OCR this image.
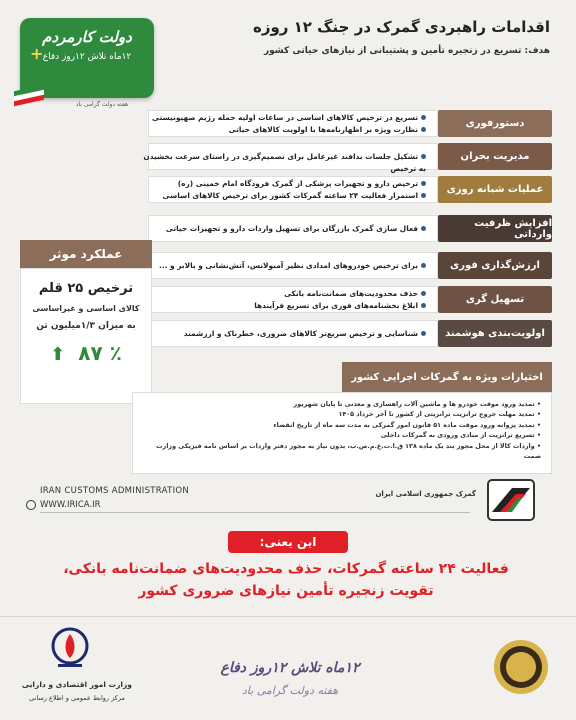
دولت کارمردم
۱۲ماه تلاش ۱۲روز دفاع
+
هفته دولت گرامی باد
اقدامات راهبردی گمرک در جنگ ۱۲ روزه
هدف: تسریع در زنجیره تأمین و پشتیبانی از نیازهای حیاتی کشور
دستورفوری
تسریع در ترخیص کالاهای اساسی در ساعات اولیه حمله رژیم صهیونیستی
نظارت ویژه بر اظهارنامه‌ها با اولویت کالاهای حیاتی
مدیریت بحران
تشکیل جلسات بدافند غیرعامل برای تصمیم‌گیری در راستای سرعت بخشیدن به ترخیص
عملیات شبانه روزی
ترخیص دارو و تجهیزات پزشکی از گمرک فرودگاه امام خمینی (ره)
استمرار فعالیت ۲۴ ساعته گمرکات کشور برای ترخیص کالاهای اساسی
افزایش ظرفیت وارداتی
فعال سازی گمرک بازرگان برای تسهیل واردات دارو و تجهیزات حیاتی
ارزش‌گذاری فوری
برای ترخیص خودروهای امدادی نظیر آمبولانس، آتش‌نشانی و بالابر و ...
تسهیل گری
حذف محدودیت‌های ضمانت‌نامه بانکی
ابلاغ بخشنامه‌های فوری برای تسریع فرآیندها
اولویت‌بندی هوشمند
شناسایی و ترخیص سریع‌تر کالاهای ضروری، خطرناک و ارزشمند
عملکرد موثر
ترخیص ۲۵ قلم
کالای اساسی و غیراساسی
به میزان ۱/۳میلیون تن
٪ ۸۷ ⬆
اختیارات ویژه به گمرکات اجرایی کشور
• تمدید ورود موقت خودرو ها و ماشین آلات راهسازی و معدنی تا پایان شهریور
• تمدید مهلت خروج ترانزیت ترانزیتی از کشور تا آخر خرداد ۱۴۰۵
• تمدید پروانه ورود موقت ماده ۵۱ قانون امور گمرکی به مدت سه ماه از تاریخ انقضاء
• تسریع ترانزیت از مبادی ورودی به گمرکات داخلی
• واردات کالا از محل مجوز بند یک ماده ۱۳۸ ق.ا.ت.ع.م.ص.ب، بدون نیاز به مجوز دفتر واردات بر اساس نامه فیزیکی وزارت صمت
IRAN CUSTOMS ADMINISTRATION
WWW.IRICA.IR
گمرک جمهوری اسلامی ایران
این یعنی:
فعالیت ۲۴ ساعته گمرکات، حذف محدودیت‌های ضمانت‌نامه بانکی،
تقویت زنجیره تأمین نیازهای ضروری کشور
وزارت امور اقتصادی و دارایی
مرکز روابط عمومی و اطلاع رسانی
۱۲ماه تلاش ۱۲روز دفاع
هفته دولت گرامی باد
